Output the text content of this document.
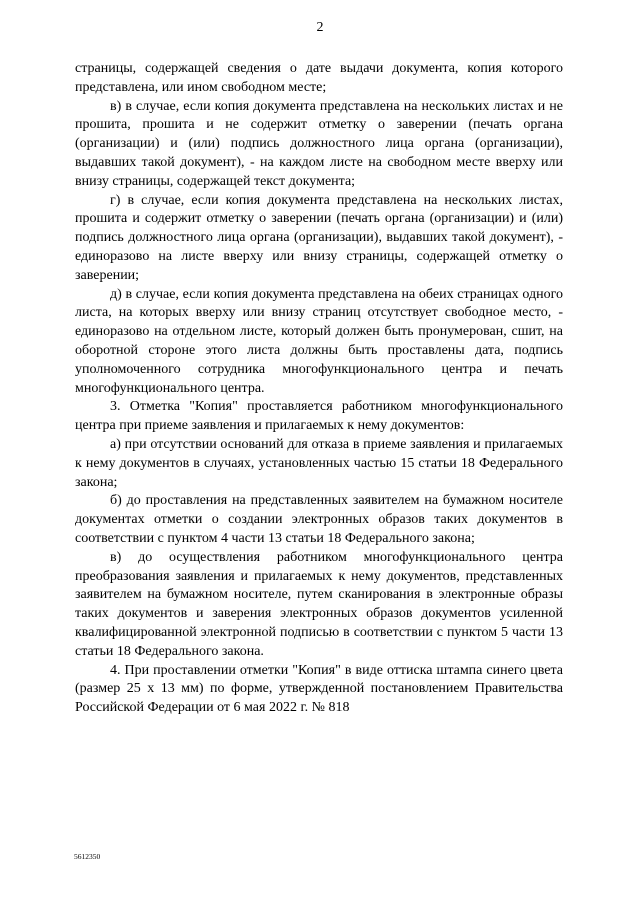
2

страницы, содержащей сведения о дате выдачи документа, копия которого представлена, или ином свободном месте;

в) в случае, если копия документа представлена на нескольких листах и не прошита, прошита и не содержит отметку о заверении (печать органа (организации) и (или) подпись должностного лица органа (организации), выдавших такой документ), - на каждом листе на свободном месте вверху или внизу страницы, содержащей текст документа;

г) в случае, если копия документа представлена на нескольких листах, прошита и содержит отметку о заверении (печать органа (организации) и (или) подпись должностного лица органа (организации), выдавших такой документ), - единоразово на листе вверху или внизу страницы, содержащей отметку о заверении;

д) в случае, если копия документа представлена на обеих страницах одного листа, на которых вверху или внизу страниц отсутствует свободное место, - единоразово на отдельном листе, который должен быть пронумерован, сшит, на оборотной стороне этого листа должны быть проставлены дата, подпись уполномоченного сотрудника многофункционального центра и печать многофункционального центра.

3. Отметка "Копия" проставляется работником многофункционального центра при приеме заявления и прилагаемых к нему документов:

а) при отсутствии оснований для отказа в приеме заявления и прилагаемых к нему документов в случаях, установленных частью 15 статьи 18 Федерального закона;

б) до проставления на представленных заявителем на бумажном носителе документах отметки о создании электронных образов таких документов в соответствии с пунктом 4 части 13 статьи 18 Федерального закона;

в) до осуществления работником многофункционального центра преобразования заявления и прилагаемых к нему документов, представленных заявителем на бумажном носителе, путем сканирования в электронные образы таких документов и заверения электронных образов документов усиленной квалифицированной электронной подписью в соответствии с пунктом 5 части 13 статьи 18 Федерального закона.

4. При проставлении отметки "Копия" в виде оттиска штампа синего цвета (размер 25 x 13 мм) по форме, утвержденной постановлением Правительства Российской Федерации от 6 мая 2022 г. № 818

5612350
